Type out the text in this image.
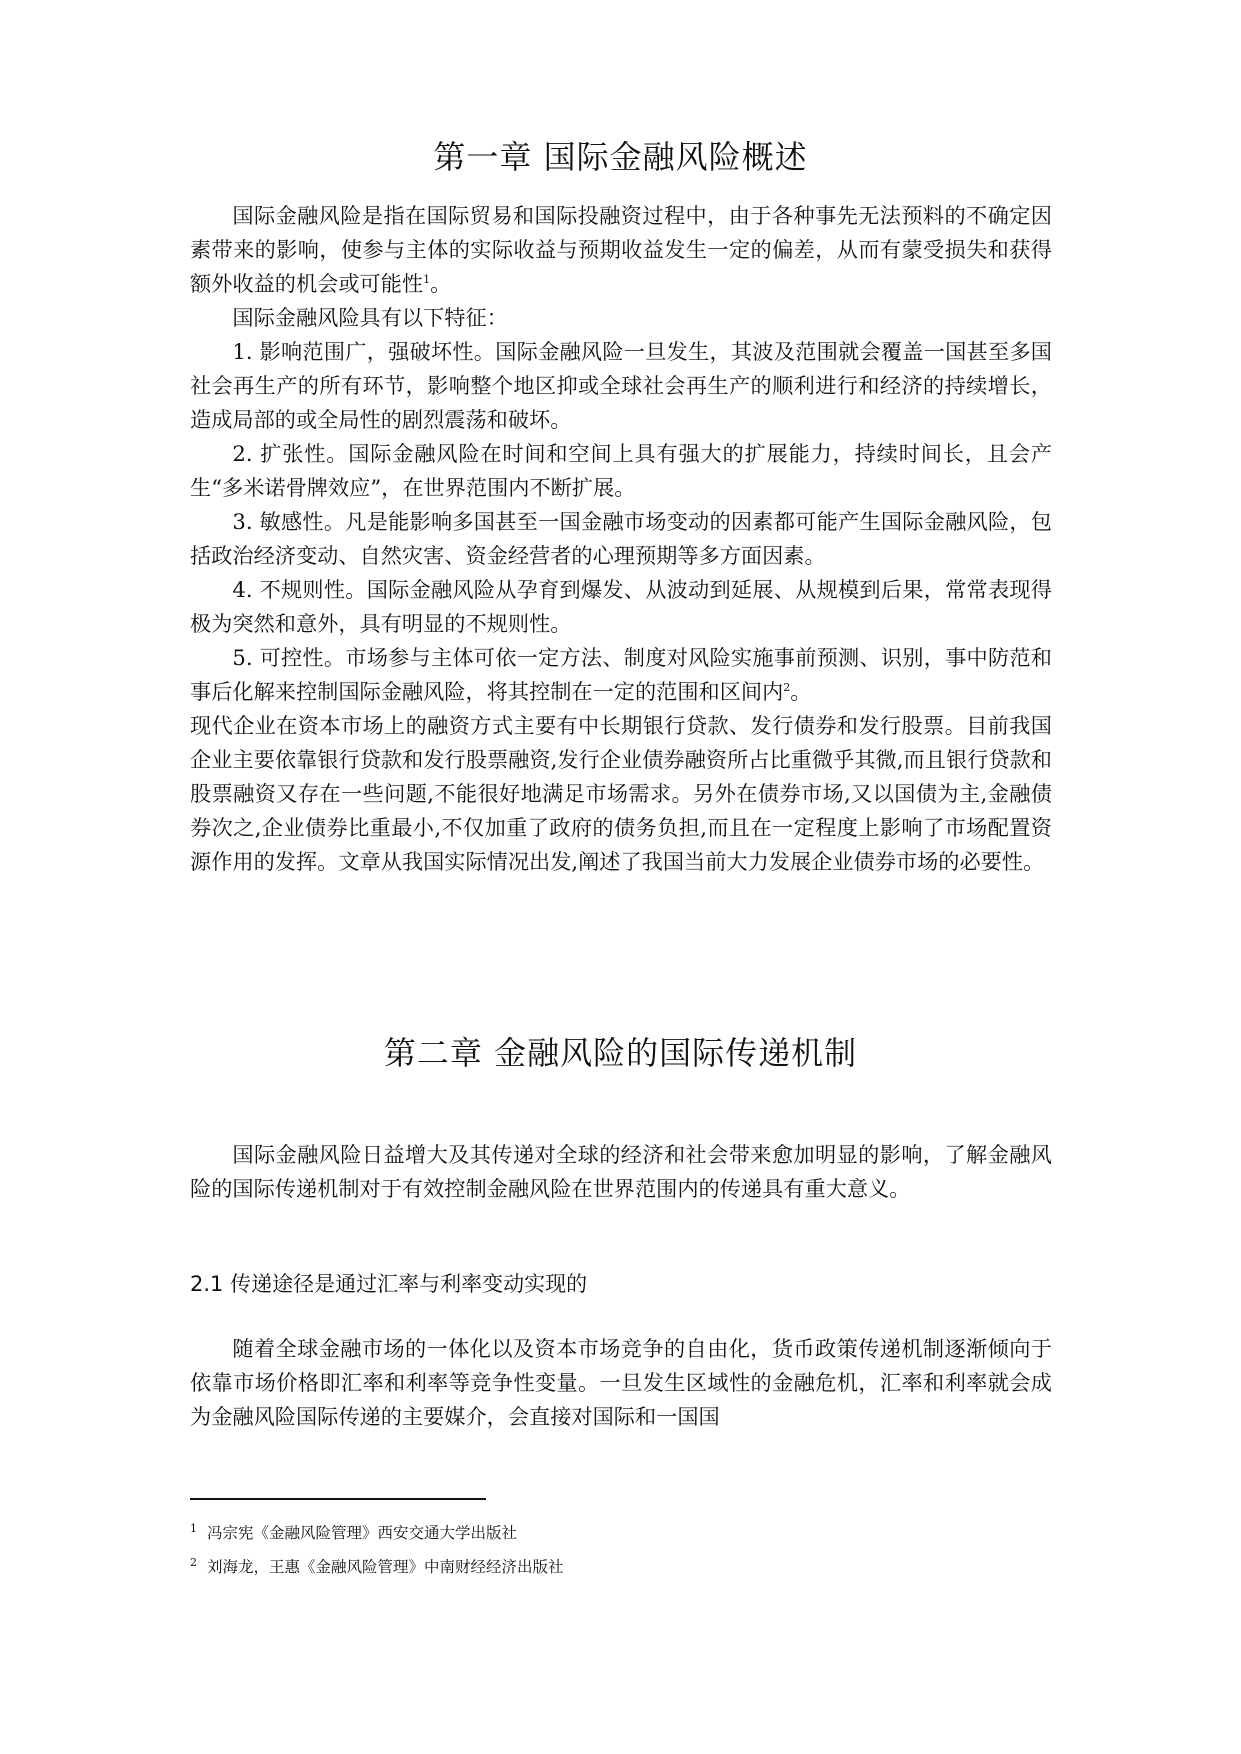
第一章 国际金融风险概述

国际金融风险是指在国际贸易和国际投融资过程中，由于各种事先无法预料的不确定因素带来的影响，使参与主体的实际收益与预期收益发生一定的偏差，从而有蒙受损失和获得额外收益的机会或可能性$^1$。

国际金融风险具有以下特征：

1. 影响范围广，强破坏性。国际金融风险一旦发生，其波及范围就会覆盖一国甚至多国社会再生产的所有环节，影响整个地区抑或全球社会再生产的顺利进行和经济的持续增长，造成局部的或全局性的剧烈震荡和破坏。

2. 扩张性。国际金融风险在时间和空间上具有强大的扩展能力，持续时间长，且会产生“多米诺骨牌效应”，在世界范围内不断扩展。

3. 敏感性。凡是能影响多国甚至一国金融市场变动的因素都可能产生国际金融风险，包括政治经济变动、自然灾害、资金经营者的心理预期等多方面因素。

4. 不规则性。国际金融风险从孕育到爆发、从波动到延展、从规模到后果，常常表现得极为突然和意外，具有明显的不规则性。

5. 可控性。市场参与主体可依一定方法、制度对风险实施事前预测、识别，事中防范和事后化解来控制国际金融风险，将其控制在一定的范围和区间内$^2$。

现代企业在资本市场上的融资方式主要有中长期银行贷款、发行债券和发行股票。目前我国企业主要依靠银行贷款和发行股票融资,发行企业债券融资所占比重微乎其微,而且银行贷款和股票融资又存在一些问题,不能很好地满足市场需求。另外在债券市场,又以国债为主,金融债券次之,企业债券比重最小,不仅加重了政府的债务负担,而且在一定程度上影响了市场配置资源作用的发挥。文章从我国实际情况出发,阐述了我国当前大力发展企业债券市场的必要性。

第二章 金融风险的国际传递机制

国际金融风险日益增大及其传递对全球的经济和社会带来愈加明显的影响，了解金融风险的国际传递机制对于有效控制金融风险在世界范围内的传递具有重大意义。

2.1 传递途径是通过汇率与利率变动实现的

随着全球金融市场的一体化以及资本市场竞争的自由化，货币政策传递机制逐渐倾向于依靠市场价格即汇率和利率等竞争性变量。一旦发生区域性的金融危机，汇率和利率就会成为金融风险国际传递的主要媒介，会直接对国际和一国国

$^1$ 冯宗宪《金融风险管理》西安交通大学出版社
$^2$ 刘海龙，王惠《金融风险管理》中南财经经济出版社
